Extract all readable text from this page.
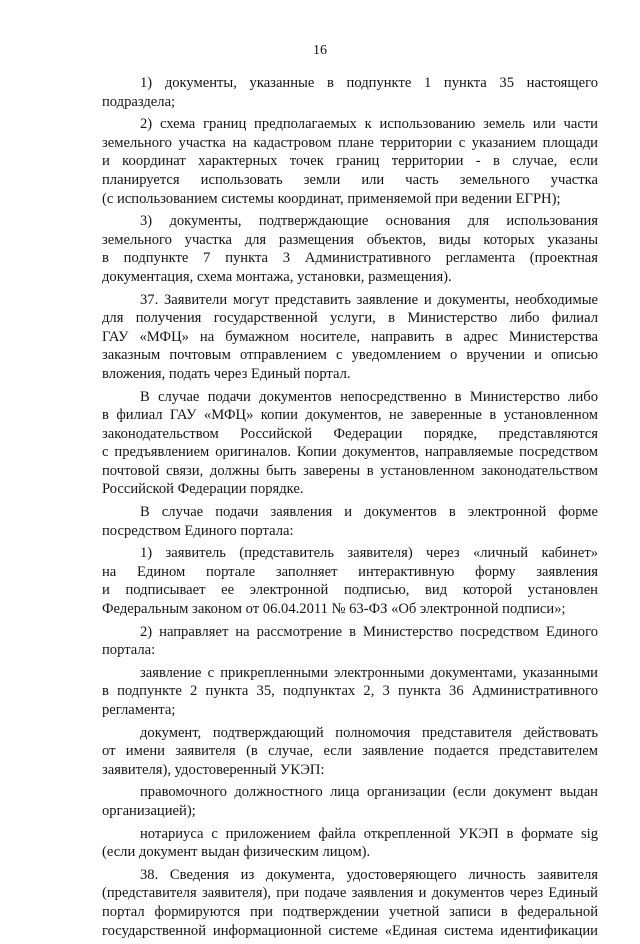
16
1) документы, указанные в подпункте 1 пункта 35 настоящего
подраздела;
2) схема границ предполагаемых к использованию земель или части
земельного участка на кадастровом плане территории с указанием площади
и координат характерных точек границ территории - в случае, если
планируется использовать земли или часть земельного участка
(с использованием системы координат, применяемой при ведении ЕГРН);
3) документы, подтверждающие основания для использования
земельного участка для размещения объектов, виды которых указаны
в подпункте 7 пункта 3 Административного регламента (проектная
документация, схема монтажа, установки, размещения).
37. Заявители могут представить заявление и документы, необходимые
для получения государственной услуги, в Министерство либо филиал
ГАУ «МФЦ» на бумажном носителе, направить в адрес Министерства
заказным почтовым отправлением с уведомлением о вручении и описью
вложения, подать через Единый портал.
В случае подачи документов непосредственно в Министерство либо
в филиал ГАУ «МФЦ» копии документов, не заверенные в установленном
законодательством Российской Федерации порядке, представляются
с предъявлением оригиналов. Копии документов, направляемые посредством
почтовой связи, должны быть заверены в установленном законодательством
Российской Федерации порядке.
В случае подачи заявления и документов в электронной форме
посредством Единого портала:
1) заявитель (представитель заявителя) через «личный кабинет»
на Едином портале заполняет интерактивную форму заявления
и подписывает ее электронной подписью, вид которой установлен
Федеральным законом от 06.04.2011 № 63-ФЗ «Об электронной подписи»;
2) направляет на рассмотрение в Министерство посредством Единого
портала:
заявление с прикрепленными электронными документами, указанными
в подпункте 2 пункта 35, подпунктах 2, 3 пункта 36 Административного
регламента;
документ, подтверждающий полномочия представителя действовать
от имени заявителя (в случае, если заявление подается представителем
заявителя), удостоверенный УКЭП:
правомочного должностного лица организации (если документ выдан
организацией);
нотариуса с приложением файла открепленной УКЭП в формате sig
(если документ выдан физическим лицом).
38. Сведения из документа, удостоверяющего личность заявителя
(представителя заявителя), при подаче заявления и документов через Единый
портал формируются при подтверждении учетной записи в федеральной
государственной информационной системе «Единая система идентификации
